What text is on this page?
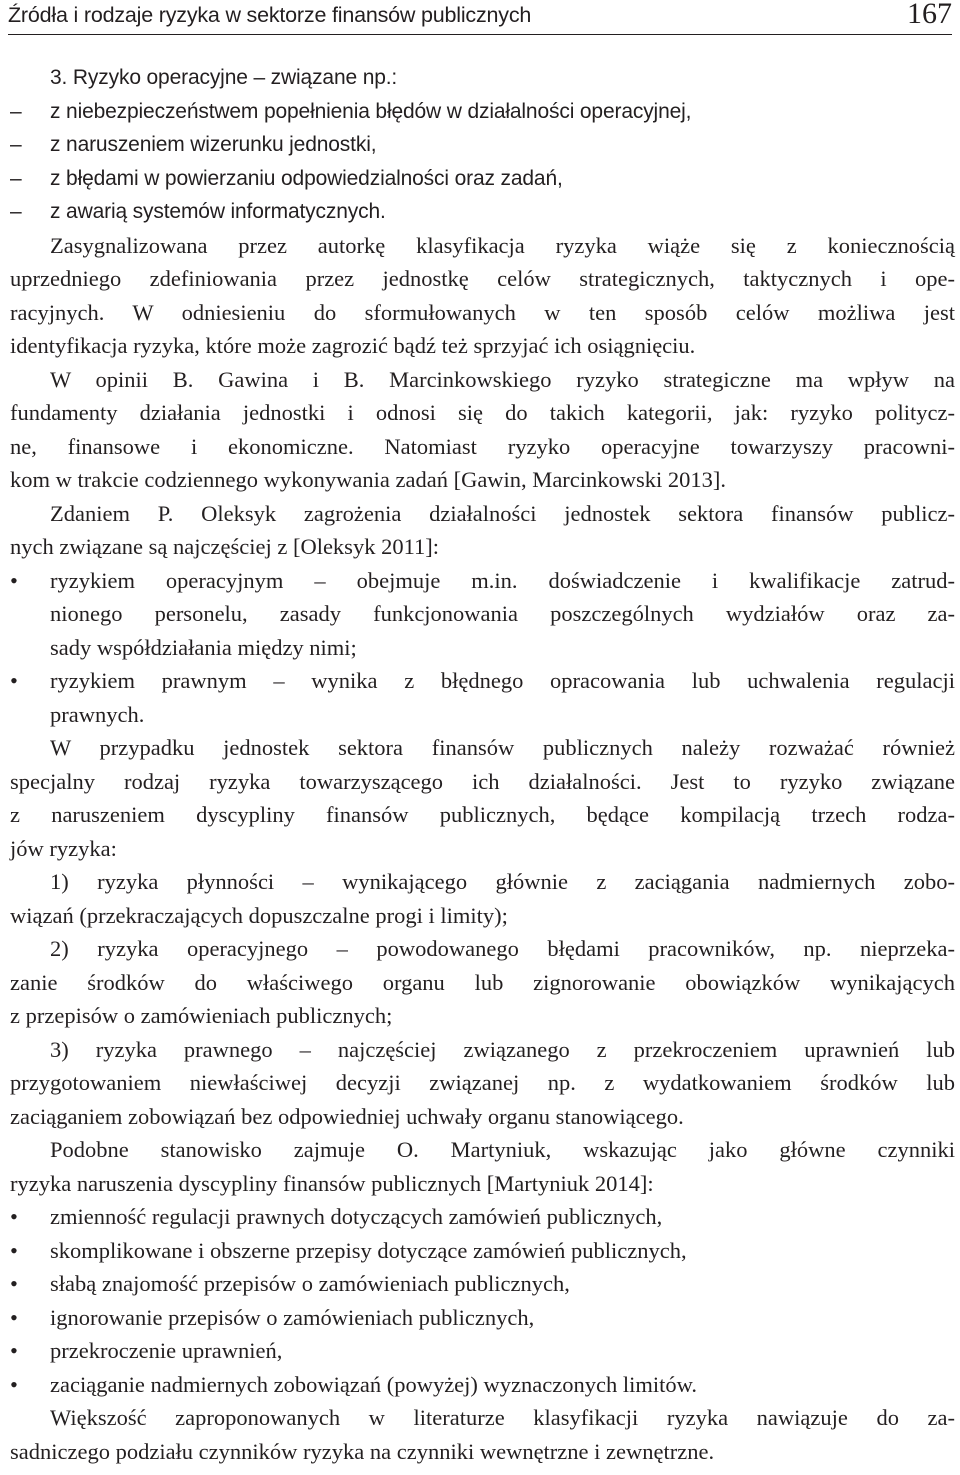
Źródła i rodzaje ryzyka w sektorze finansów publicznych	167
3. Ryzyko operacyjne – związane np.:
–	z niebezpieczeństwem popełnienia błędów w działalności operacyjnej,
–	z naruszeniem wizerunku jednostki,
–	z błędami w powierzaniu odpowiedzialności oraz zadań,
–	z awarią systemów informatycznych.
Zasygnalizowana przez autorkę klasyfikacja ryzyka wiąże się z koniecznością
uprzedniego zdefiniowania przez jednostkę celów strategicznych, taktycznych i ope-
racyjnych. W odniesieniu do sformułowanych w ten sposób celów możliwa jest
identyfikacja ryzyka, które może zagrozić bądź też sprzyjać ich osiągnięciu.
W opinii B. Gawina i B. Marcinkowskiego ryzyko strategiczne ma wpływ na
fundamenty działania jednostki i odnosi się do takich kategorii, jak: ryzyko politycz-
ne, finansowe i ekonomiczne. Natomiast ryzyko operacyjne towarzyszy pracowni-
kom w trakcie codziennego wykonywania zadań [Gawin, Marcinkowski 2013].
Zdaniem P. Oleksyk zagrożenia działalności jednostek sektora finansów publicz-
nych związane są najczęściej z [Oleksyk 2011]:
•	ryzykiem operacyjnym – obejmuje m.in. doświadczenie i kwalifikacje zatrud-
nionego personelu, zasady funkcjonowania poszczególnych wydziałów oraz za-
sady współdziałania między nimi;
•	ryzykiem prawnym – wynika z błędnego opracowania lub uchwalenia regulacji
prawnych.
W przypadku jednostek sektora finansów publicznych należy rozważać również
specjalny rodzaj ryzyka towarzyszącego ich działalności. Jest to ryzyko związane
z naruszeniem dyscypliny finansów publicznych, będące kompilacją trzech rodza-
jów ryzyka:
1) ryzyka płynności – wynikającego głównie z zaciągania nadmiernych zobo-
wiązań (przekraczających dopuszczalne progi i limity);
2) ryzyka operacyjnego – powodowanego błędami pracowników, np. nieprzeka-
zanie środków do właściwego organu lub zignorowanie obowiązków wynikających
z przepisów o zamówieniach publicznych;
3) ryzyka prawnego – najczęściej związanego z przekroczeniem uprawnień lub
przygotowaniem niewłaściwej decyzji związanej np. z wydatkowaniem środków lub
zaciąganiem zobowiązań bez odpowiedniej uchwały organu stanowiącego.
Podobne stanowisko zajmuje O. Martyniuk, wskazując jako główne czynniki
ryzyka naruszenia dyscypliny finansów publicznych [Martyniuk 2014]:
•	zmienność regulacji prawnych dotyczących zamówień publicznych,
•	skomplikowane i obszerne przepisy dotyczące zamówień publicznych,
•	słabą znajomość przepisów o zamówieniach publicznych,
•	ignorowanie przepisów o zamówieniach publicznych,
•	przekroczenie uprawnień,
•	zaciąganie nadmiernych zobowiązań (powyżej) wyznaczonych limitów.
Większość zaproponowanych w literaturze klasyfikacji ryzyka nawiązuje do za-
sadniczego podziału czynników ryzyka na czynniki wewnętrzne i zewnętrzne.
